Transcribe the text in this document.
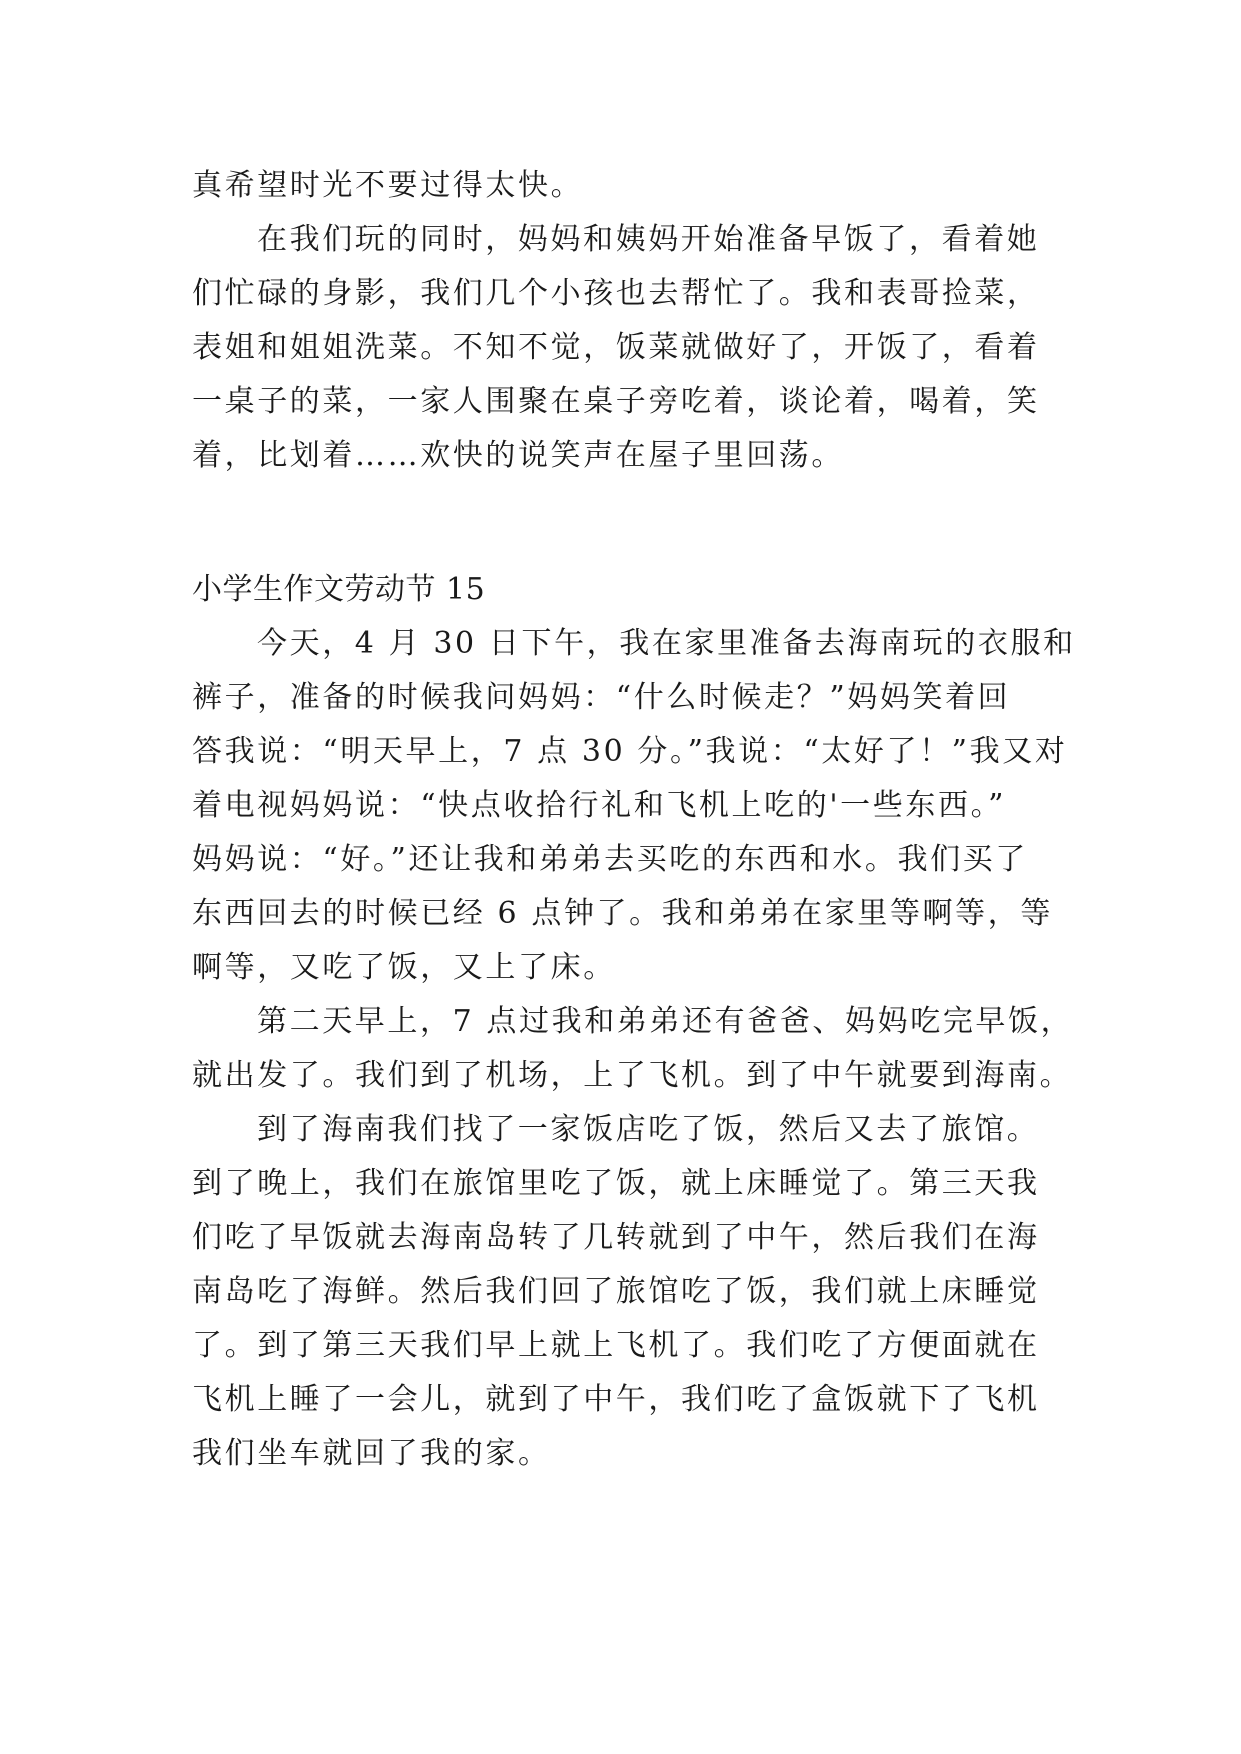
真希望时光不要过得太快。
在我们玩的同时，妈妈和姨妈开始准备早饭了，看着她
们忙碌的身影，我们几个小孩也去帮忙了。我和表哥捡菜，
表姐和姐姐洗菜。不知不觉，饭菜就做好了，开饭了，看着
一桌子的菜，一家人围聚在桌子旁吃着，谈论着，喝着，笑
着，比划着……欢快的说笑声在屋子里回荡。
小学生作文劳动节 15
今天，4 月 30 日下午，我在家里准备去海南玩的衣服和
裤子，准备的时候我问妈妈：“什么时候走？”妈妈笑着回
答我说：“明天早上，7 点 30 分。”我说：“太好了！”我又对
着电视妈妈说：“快点收拾行礼和飞机上吃的'一些东西。”
妈妈说：“好。”还让我和弟弟去买吃的东西和水。我们买了
东西回去的时候已经 6 点钟了。我和弟弟在家里等啊等，等
啊等，又吃了饭，又上了床。
第二天早上，7 点过我和弟弟还有爸爸、妈妈吃完早饭，
就出发了。我们到了机场，上了飞机。到了中午就要到海南。
到了海南我们找了一家饭店吃了饭，然后又去了旅馆。
到了晚上，我们在旅馆里吃了饭，就上床睡觉了。第三天我
们吃了早饭就去海南岛转了几转就到了中午，然后我们在海
南岛吃了海鲜。然后我们回了旅馆吃了饭，我们就上床睡觉
了。到了第三天我们早上就上飞机了。我们吃了方便面就在
飞机上睡了一会儿，就到了中午，我们吃了盒饭就下了飞机
我们坐车就回了我的家。
